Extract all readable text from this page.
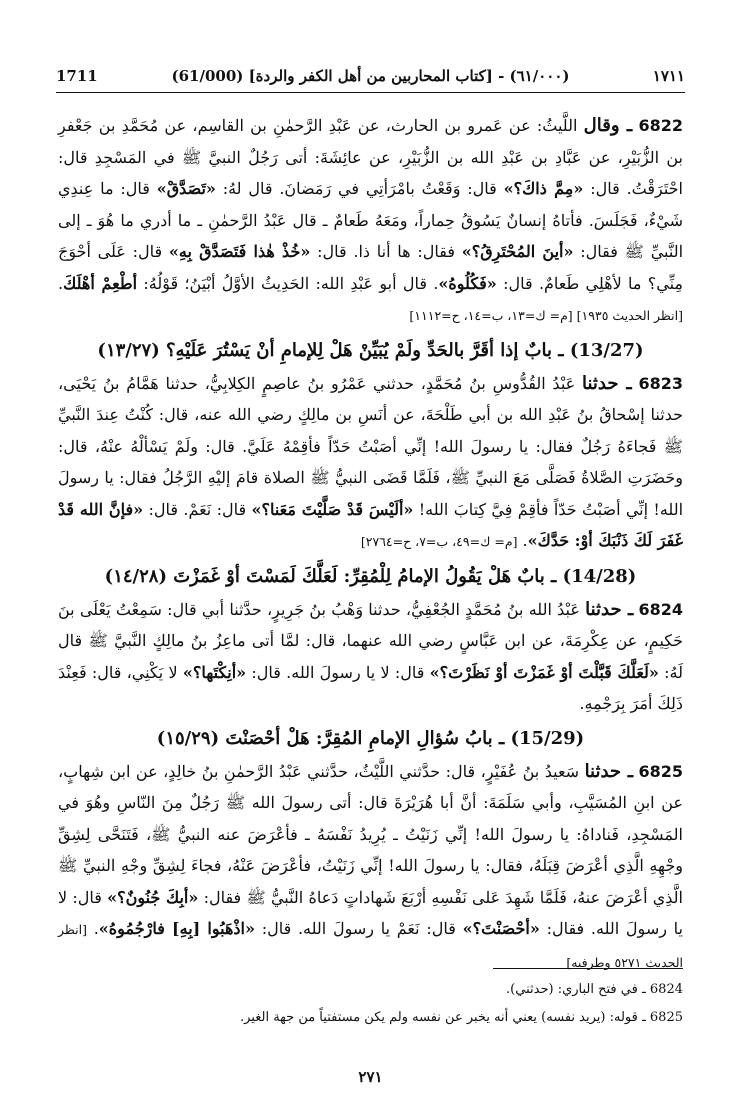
1711	(٦١/٠٠٠) - [كتاب المحاربين من أهل الكفر والردة] (61/000)	١٧١١

6822 ـ وقال اللَّيثُ: عن عَمرو بن الحارث، عن عَبْدِ الرَّحمٰنِ بن القاسِم، عن مُحَمَّدِ بن جَعْفرِ بن الزُّبَيْرِ، عن عَبَّادِ بن عَبْدِ الله بن الزُّبَيْرِ، عن عائِشَةَ: أتى رَجُلٌ النبيَّ ﷺ في المَسْجِدِ قال: احْتَرَقْتُ. قال: «مِمَّ ذاكَ؟» قال: وَقَعْتُ بامْرَأتِي في رَمَضانَ. قال لهُ: «تَصَدَّقْ» قال: ما عِندِي شَيْءٌ، فَجَلَسَ. فأتاهُ إنسانٌ يَسُوقُ حِماراً، ومَعَهُ طَعامٌ ـ قال عَبْدُ الرَّحمٰنِ ـ ما أدري ما هُوَ ـ إلى النَّبيِّ ﷺ فقال: «أينَ المُحْتَرِقُ؟» فقال: ها أنا ذا. قال: «خُذْ هٰذا فَتَصَدَّقْ بِهِ» قال: عَلَى أحْوَجَ مِنِّي؟ ما لأهْلِي طَعامٌ. قال: «فَكُلُوهُ». قال أبو عَبْدِ الله: الحَدِيثُ الأوَّلُ أبْيَنُ؛ قَوْلُهُ: أطْعِمْ أهْلَكَ. [انظر الحديث ١٩٣٥] [م= ك=١٣، ب=١٤، ح=١١١٢]

(13/27) ـ بابٌ إذا أقَرَّ بالحَدِّ ولَمْ يُبَيِّنْ هَلْ لِلإمامِ أنْ يَسْتُرَ عَلَيْهِ؟ (١٣/٢٧)

6823 ـ حدثنا عَبْدُ القُدُّوسِ بنُ مُحَمَّدٍ، حدثني عَمْرُو بنُ عاصِمٍ الكِلابِيُّ، حدثنا هَمَّامُ بنُ يَحْيَى، حدثنا إسْحاقُ بنُ عَبْدِ الله بن أبي طَلْحَةَ، عن أنَسِ بن مالِكٍ رضي الله عنه، قال: كُنْتُ عِندَ النَّبيِّ ﷺ فَجاءَهُ رَجُلٌ فقال: يا رسولَ الله! إنِّي أصَبْتُ حَدّاً فأقِمْهُ عَلَيَّ. قال: ولَمْ يَسْألْهُ عنْهُ، قال: وحَضَرَتِ الصَّلاةُ فَصَلَّى مَعَ النبيِّ ﷺ، فَلَمَّا قَضَى النبيُّ ﷺ الصلاة قامَ إليْهِ الرَّجُلُ فقال: يا رسولَ الله! إنِّي أصَبْتُ حَدّاً فأقِمْ فِيَّ كِتابَ الله! «ألَيْسَ قَدْ صَلَّيْتَ مَعَنا؟» قال: نَعَمْ. قال: «فإنَّ الله قَدْ غَفَرَ لَكَ ذَنْبَكَ أوْ: حَدَّكَ». [م= ك=٤٩، ب=٧، ح=٢٧٦٤]

(14/28) ـ بابٌ هَلْ يَقُولُ الإمامُ لِلْمُقِرِّ: لَعَلَّكَ لَمَسْتَ أوْ غَمَزْتَ (١٤/٢٨)

6824 ـ حدثنا عَبْدُ الله بنُ مُحَمَّدٍ الجُعْفِيُّ، حدثنا وَهْبُ بنُ جَرِيرٍ، حدَّثنا أبي قال: سَمِعْتُ يَعْلَى بنَ حَكِيمٍ، عن عِكْرِمَةَ، عن ابن عَبَّاسٍ رضي الله عنهما، قال: لمَّا أتى ماعِزُ بنُ مالِكٍ النَّبيَّ ﷺ قال لَهُ: «لَعَلَّكَ قَبَّلْتَ أوْ غَمَزْتَ أوْ نَظَرْتَ؟» قال: لا يا رسولَ الله. قال: «أنِكْتَها؟» لا يَكْنِي، قال: فَعِنْدَ ذَلِكَ أمَرَ بِرَجْمِهِ.

(15/29) ـ بابُ سُؤالِ الإمامِ المُقِرَّ: هَلْ أحْصَنْتَ (١٥/٢٩)

6825 ـ حدثنا سَعيدُ بنُ عُفَيْرٍ، قال: حدَّثني اللَّيْثُ، حدَّثني عَبْدُ الرَّحمٰنِ بنُ خالِدٍ، عن ابن شِهابٍ، عن ابنِ المُسَيَّبِ، وأبي سَلَمَةَ: أنَّ أبا هُرَيْرَةَ قال: أتى رسولَ الله ﷺ رَجُلٌ مِنَ النّاسِ وهُوَ في المَسْجِدِ، فَناداهُ: يا رسولَ الله! إنِّي زَنَيْتُ ـ يُرِيدُ نَفْسَهُ ـ فأعْرَضَ عنه النبيُّ ﷺ، فَتَنَحَّى لِشِقِّ وجْهِهِ الَّذِي أعْرَضَ قِبَلَهُ، فقال: يا رسولَ الله! إنِّي زَنَيْتُ، فأعْرَضَ عَنْهُ، فجاءَ لِشِقِّ وجْهِ النبيِّ ﷺ الَّذِي أعْرَضَ عنهُ، فَلَمَّا شَهِدَ عَلى نَفْسِهِ أرْبَعَ شَهاداتٍ دَعاهُ النَّبيُّ ﷺ فقال: «أبِكَ جُنُونٌ؟» قال: لا يا رسولَ الله. فقال: «أحْصَنْتَ؟» قال: نَعَمْ يا رسولَ الله. قال: «اذْهَبُوا [بِهِ] فارْجُمُوهُ». [انظر الحديث ٥٢٧١ وطرفيه]

6824 ـ في فتح الباري: (حدثني).

6825 ـ قوله: (يريد نفسه) يعني أنه يخبر عن نفسه ولم يكن مستفتياً من جهة الغير.

٢٧١
